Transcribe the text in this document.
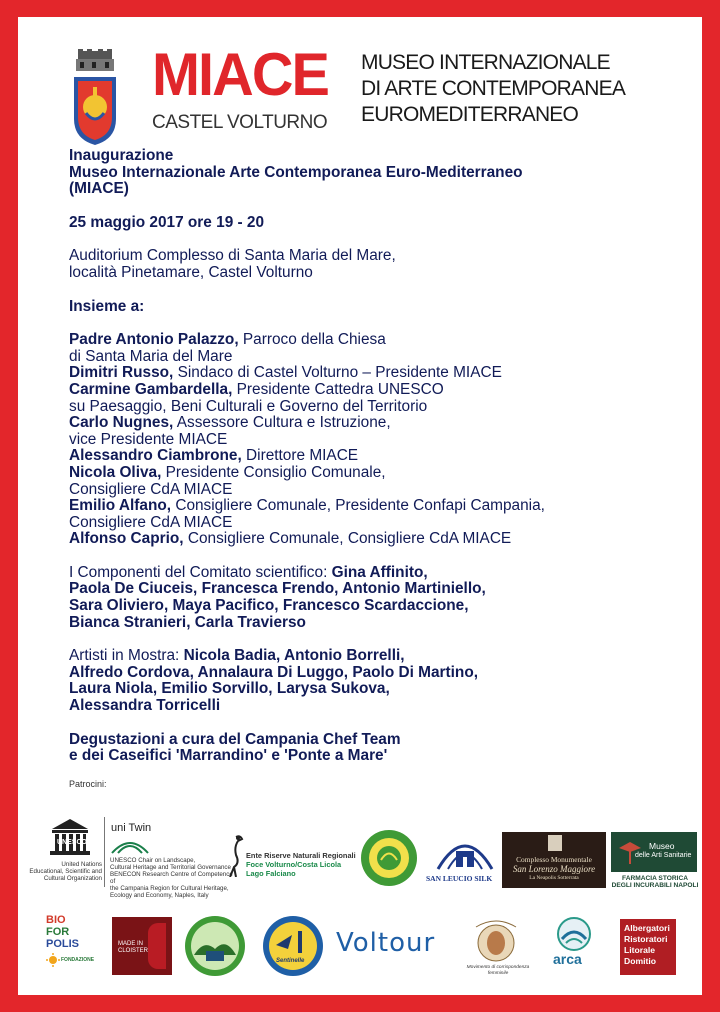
MIACE
CASTEL VOLTURNO
MUSEO INTERNAZIONALE
DI ARTE CONTEMPORANEA
EUROMEDITERRANEO

Inaugurazione

Museo Internazionale Arte Contemporanea Euro-Mediterraneo

(MIACE)

25 maggio 2017 ore 19 - 20

Auditorium Complesso di Santa Maria del Mare,

località Pinetamare, Castel Volturno

Insieme a:

Padre Antonio Palazzo, Parroco della Chiesa

di Santa Maria del Mare

Dimitri Russo, Sindaco di Castel Volturno – Presidente MIACE

Carmine Gambardella, Presidente Cattedra UNESCO

su Paesaggio, Beni Culturali e Governo del Territorio

Carlo Nugnes, Assessore Cultura e Istruzione,

vice Presidente MIACE

Alessandro Ciambrone, Direttore MIACE

Nicola Oliva, Presidente Consiglio Comunale,

Consigliere CdA MIACE

Emilio Alfano, Consigliere Comunale, Presidente Confapi Campania,

Consigliere CdA MIACE

Alfonso Caprio, Consigliere Comunale, Consigliere CdA MIACE

I Componenti del Comitato scientifico: Gina Affinito,

Paola De Ciuceis, Francesca Frendo, Antonio Martiniello,

Sara Oliviero, Maya Pacifico, Francesco Scardaccione,

Bianca Stranieri, Carla Travierso

Artisti in Mostra: Nicola Badia, Antonio Borrelli,

Alfredo Cordova, Annalaura Di Luggo, Paolo Di Martino,

Laura Niola, Emilio Sorvillo, Larysa Sukova,

Alessandra Torricelli

Degustazioni a cura del Campania Chef Team

e dei Caseifici 'Marrandino' e 'Ponte a Mare'

Patrocini:
UNESCO
United Nations
Educational, Scientific and
Cultural Organization
uni Twin
UNESCO Chair on Landscape,
Cultural Heritage and Territorial Governance
BENECON Research Centre of Competence of
the Campania Region for Cultural Heritage,
Ecology and Economy, Naples, Italy
Ente Riserve Naturali Regionali
Foce Volturno/Costa Licola
Lago Falciano
SAN LEUCIO SILK
Complesso Monumentale
San Lorenzo Maggiore
La Neapolis Sotterrata
Museo
delle Arti Sanitarie
FARMACIA STORICA
DEGLI INCURABILI NAPOLI
BIO
FOR
POLIS
FONDAZIONE
MADE IN
CLOISTER
Sentinelle
Voltour
Movimento di corrispondenza femminile
arca
Albergatori
Ristoratori
Litorale
Domitio
